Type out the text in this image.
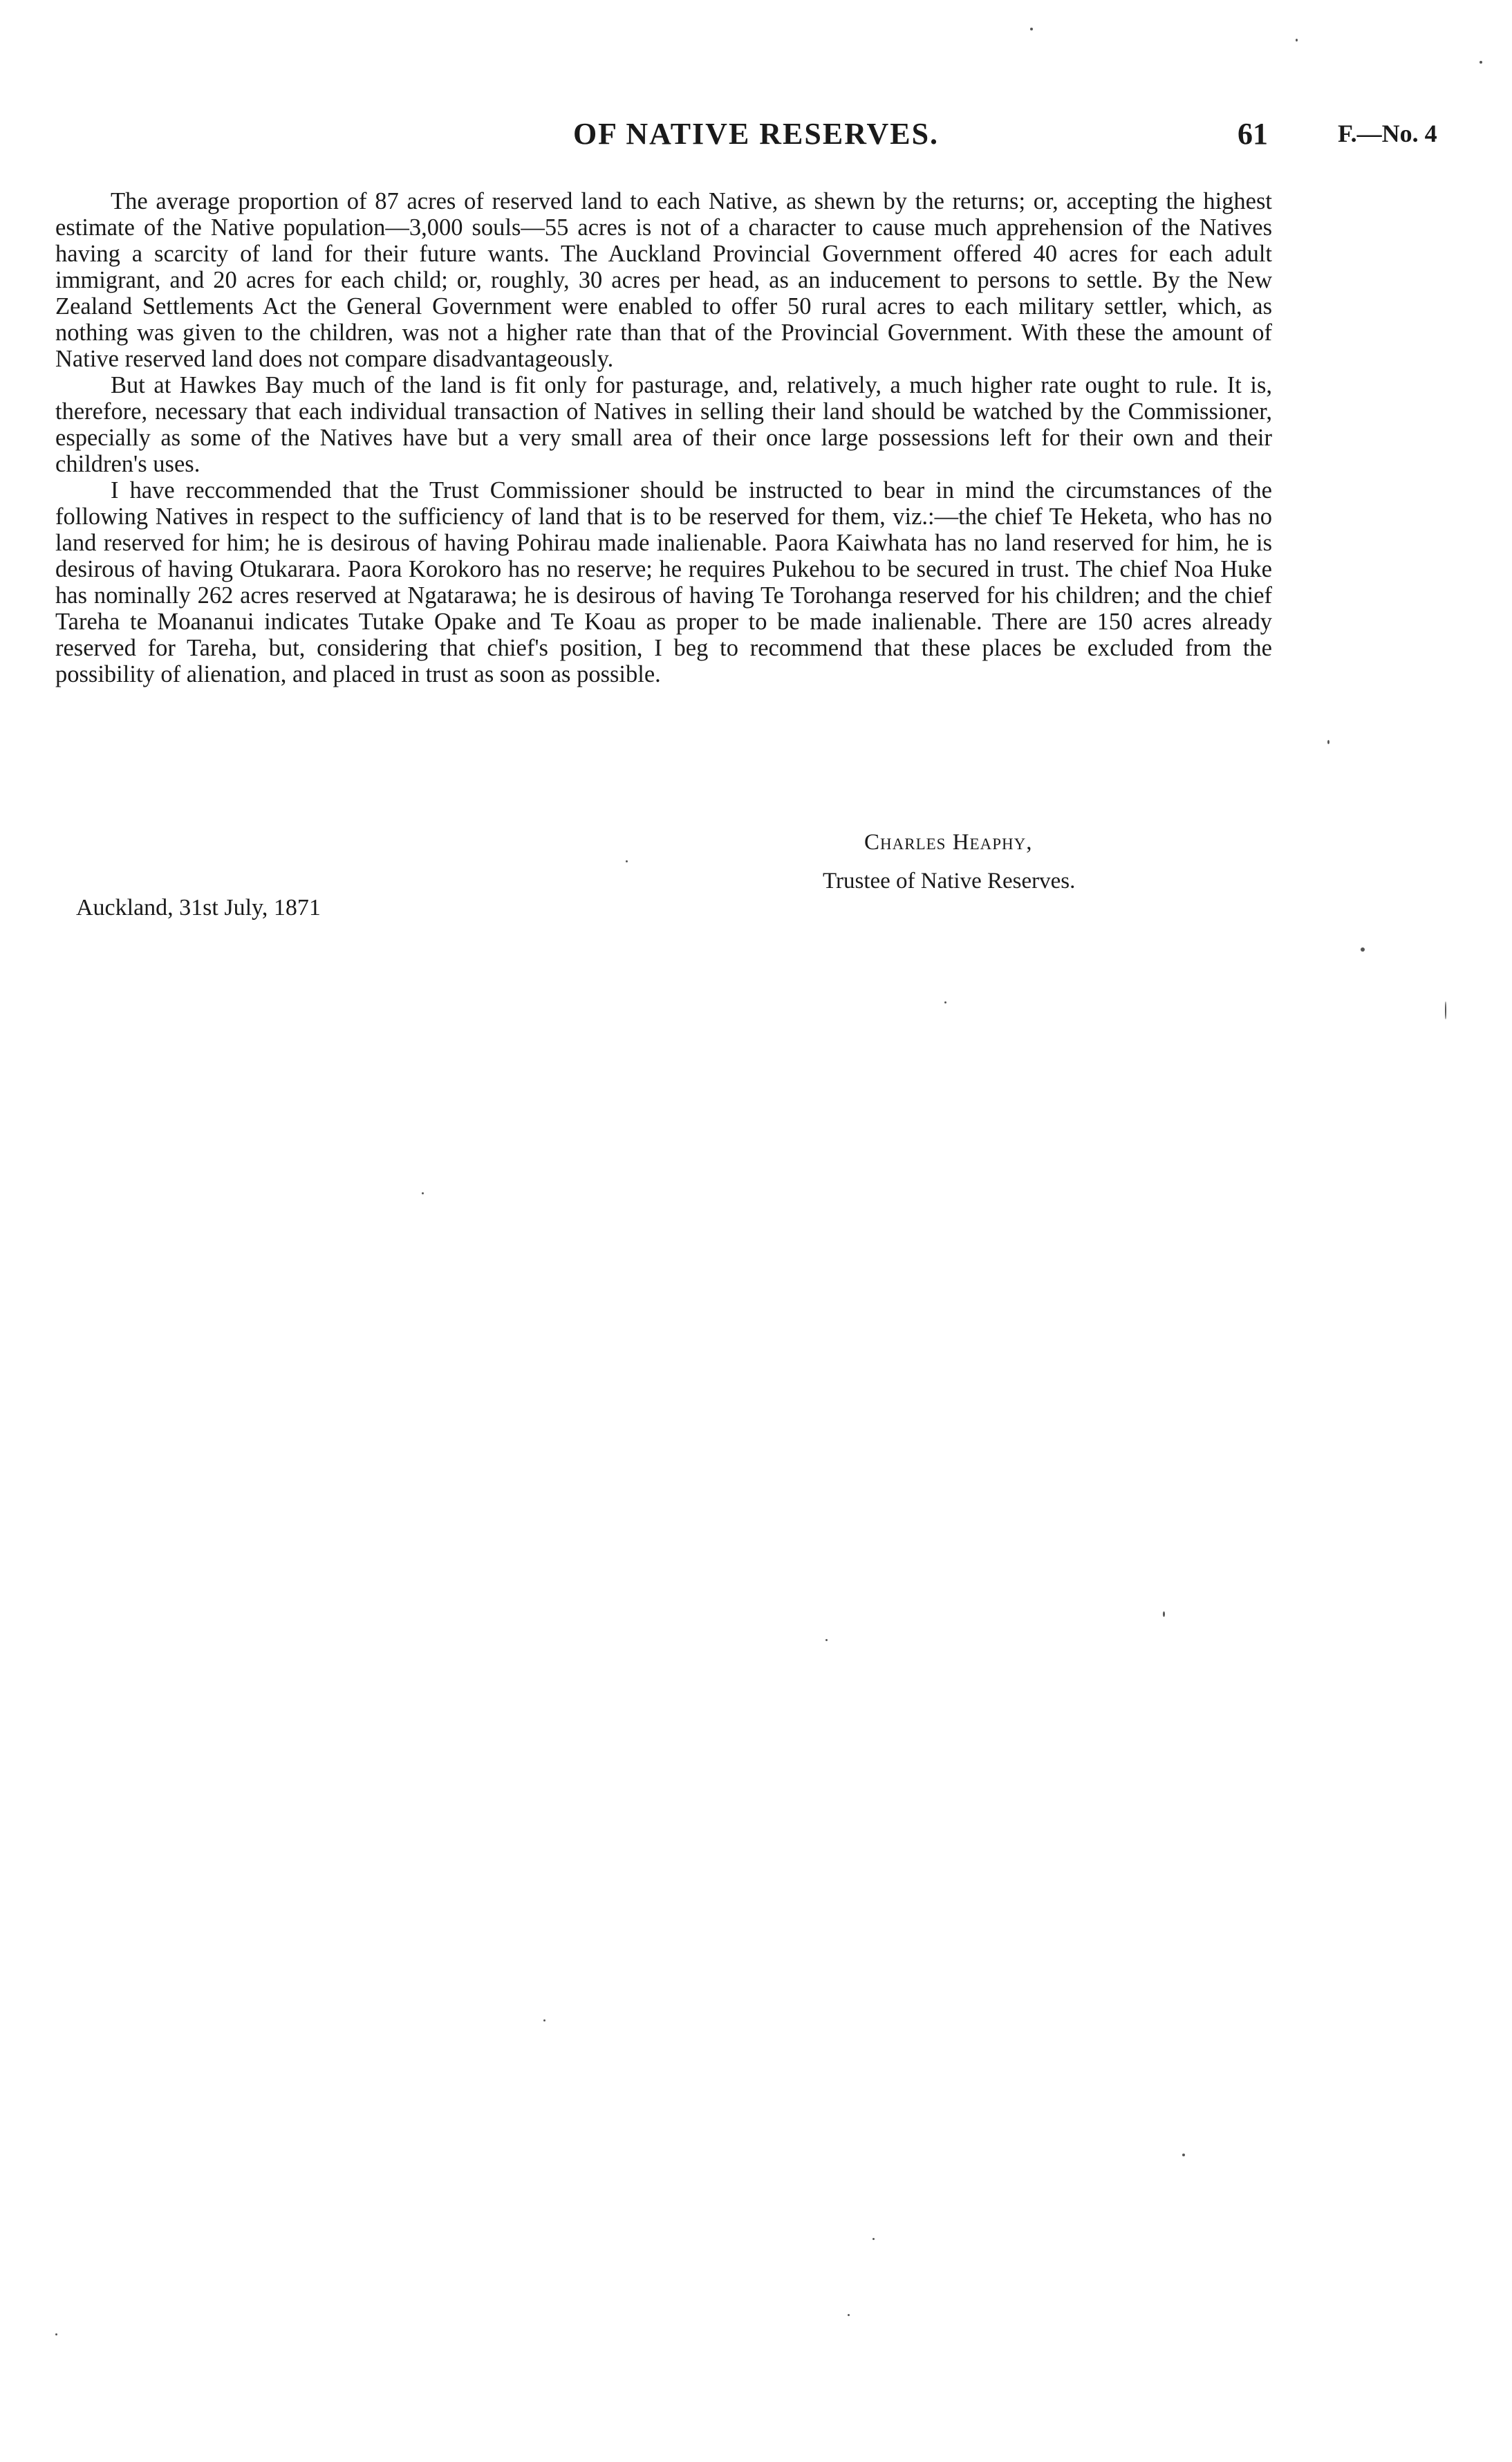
OF NATIVE RESERVES.	61	F.—No. 4

The average proportion of 87 acres of reserved land to each Native, as shewn by the returns; or, accepting the highest estimate of the Native population—3,000 souls—55 acres is not of a character to cause much apprehension of the Natives having a scarcity of land for their future wants. The Auckland Provincial Government offered 40 acres for each adult immigrant, and 20 acres for each child; or, roughly, 30 acres per head, as an inducement to persons to settle. By the New Zealand Settlements Act the General Government were enabled to offer 50 rural acres to each military settler, which, as nothing was given to the children, was not a higher rate than that of the Provincial Government. With these the amount of Native reserved land does not compare disadvantageously.

But at Hawkes Bay much of the land is fit only for pasturage, and, relatively, a much higher rate ought to rule. It is, therefore, necessary that each individual transaction of Natives in selling their land should be watched by the Commissioner, especially as some of the Natives have but a very small area of their once large possessions left for their own and their children's uses.

I have reccommended that the Trust Commissioner should be instructed to bear in mind the circumstances of the following Natives in respect to the sufficiency of land that is to be reserved for them, viz.:—the chief Te Heketa, who has no land reserved for him; he is desirous of having Pohirau made inalienable. Paora Kaiwhata has no land reserved for him, he is desirous of having Otukarara. Paora Korokoro has no reserve; he requires Pukehou to be secured in trust. The chief Noa Huke has nominally 262 acres reserved at Ngatarawa; he is desirous of having Te Torohanga reserved for his children; and the chief Tareha te Moananui indicates Tutake Opake and Te Koau as proper to be made inalienable. There are 150 acres already reserved for Tareha, but, considering that chief's position, I beg to recommend that these places be excluded from the possibility of alienation, and placed in trust as soon as possible.

Charles Heaphy,
Trustee of Native Reserves.
Auckland, 31st July, 1871
